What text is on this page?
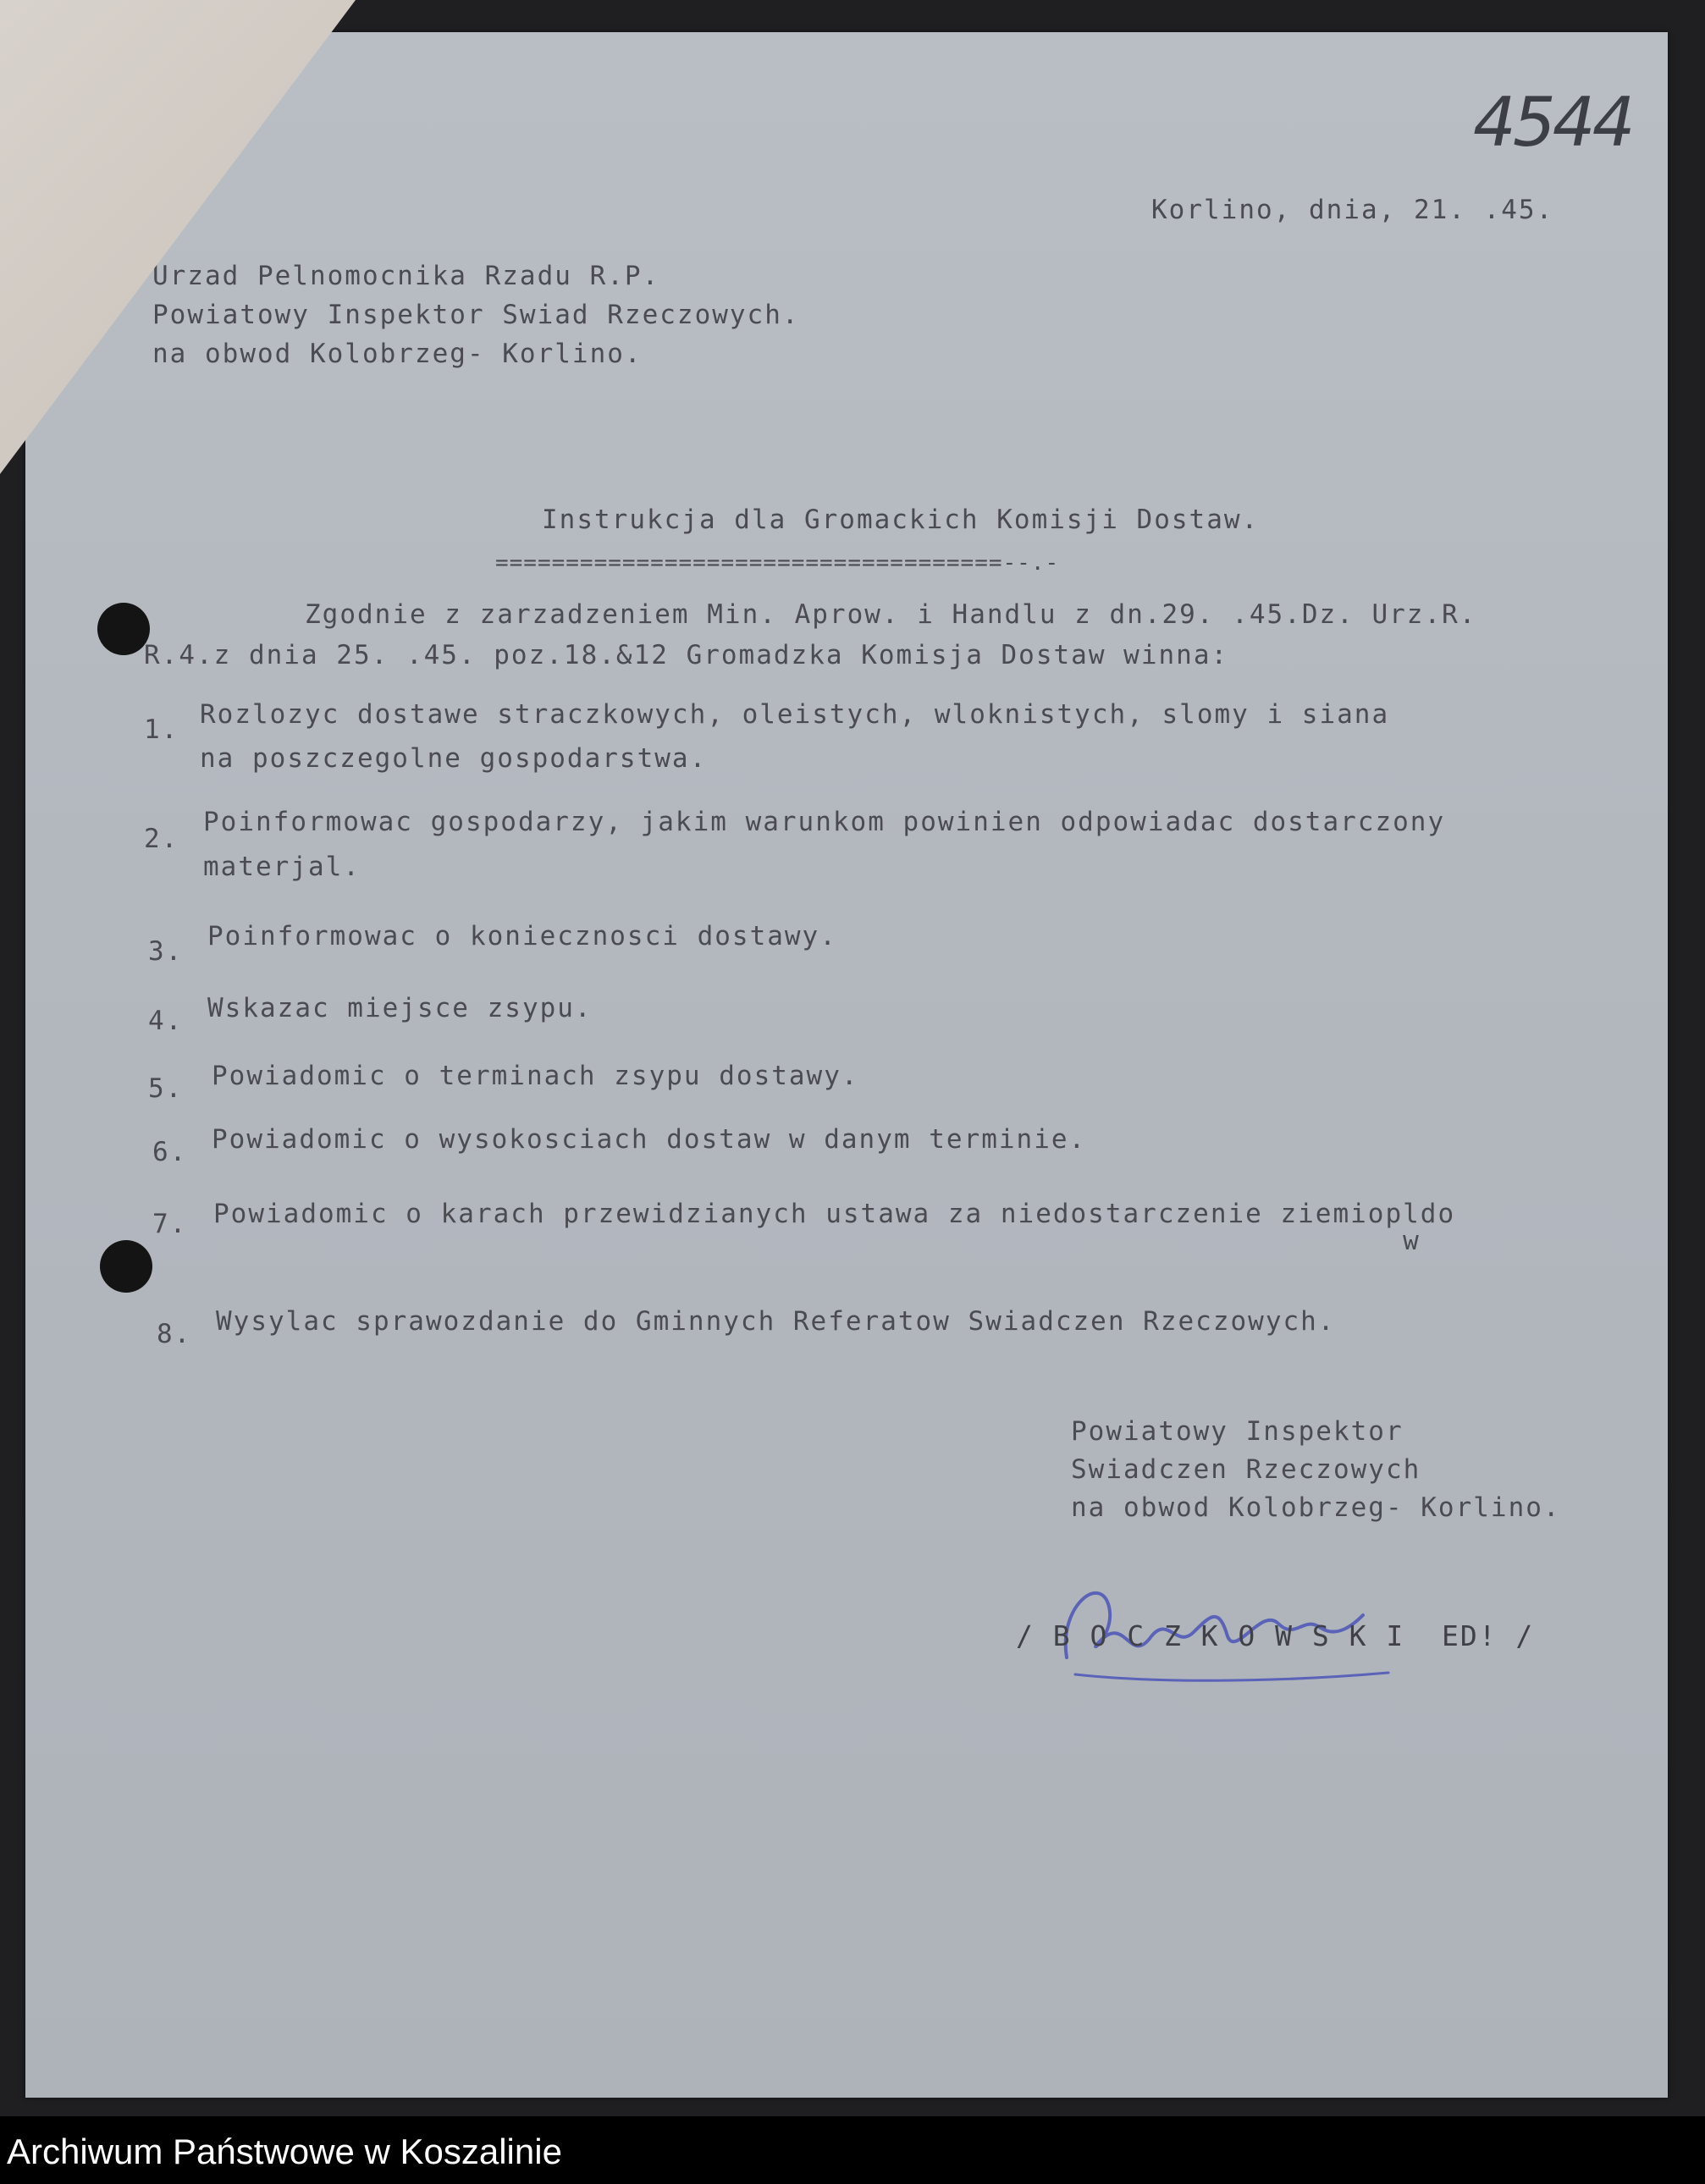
4544
Korlino, dnia, 21. .45.
Urzad Pelnomocnika Rzadu R.P.
Powiatowy Inspektor Swiad Rzeczowych.
na obwod Kolobrzeg- Korlino.
Instrukcja dla Gromackich Komisji Dostaw.
====================================--.-
Zgodnie z zarzadzeniem Min. Aprow. i Handlu z dn.29. .45.Dz. Urz.R.
R.4.z dnia 25. .45. poz.18.&12 Gromadzka Komisja Dostaw winna:
1. Rozlozyc dostawe straczkowych, oleistych, wloknistych, slomy i siana
na poszczegolne gospodarstwa.
2.
Poinformowac gospodarzy, jakim warunkom powinien odpowiadac dostarczony
materjal.
3. Poinformowac o koniecznosci dostawy.
4. Wskazac miejsce zsypu.
5. Powiadomic o terminach zsypu dostawy.
6. Powiadomic o wysokosciach dostaw w danym terminie.
7. Powiadomic o karach przewidzianych ustawa za niedostarczenie ziemiopldo
w
8. Wysylac sprawozdanie do Gminnych Referatow Swiadczen Rzeczowych.
Powiatowy Inspektor
Swiadczen Rzeczowych
na obwod Kolobrzeg- Korlino.
/ B O C Z K O W S K I  ED! /
Archiwum Państwowe w Koszalinie
